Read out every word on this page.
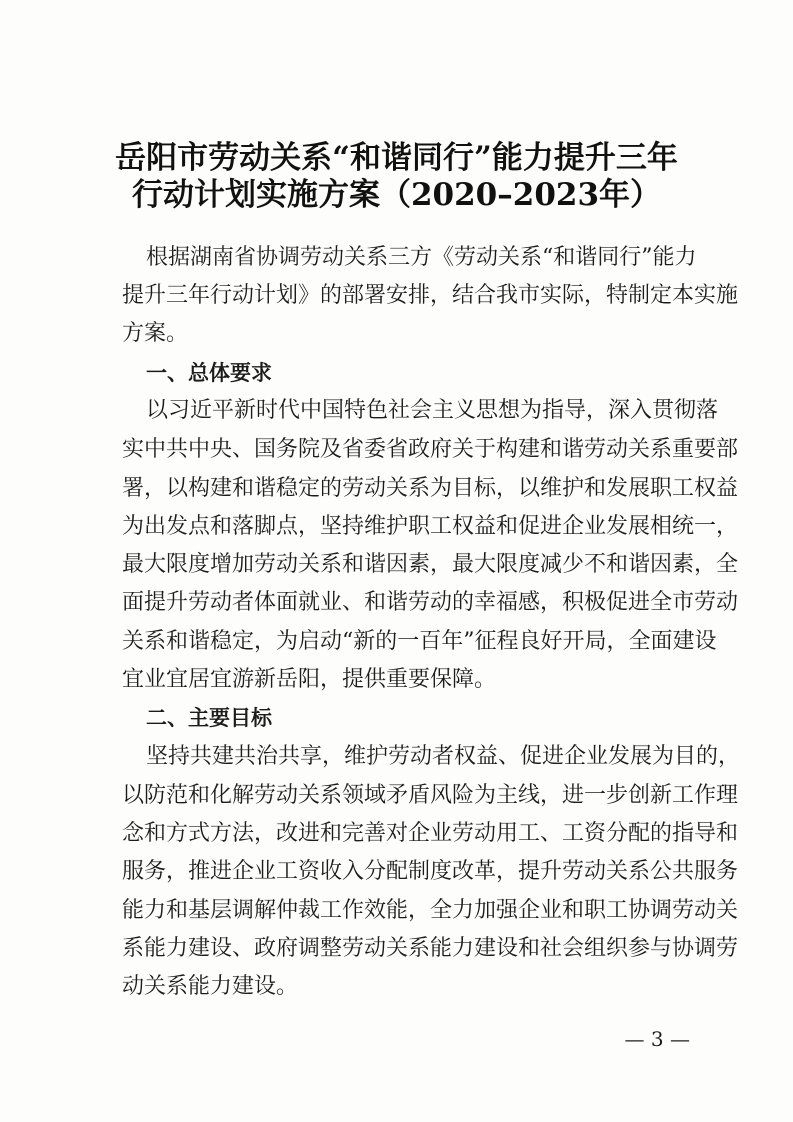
岳阳市劳动关系“和谐同行”能力提升三年
行动计划实施方案（2020–2023年）
根据湖南省协调劳动关系三方《劳动关系“和谐同行”能力
提升三年行动计划》的部署安排，结合我市实际，特制定本实施
方案。
一、总体要求
以习近平新时代中国特色社会主义思想为指导，深入贯彻落
实中共中央、国务院及省委省政府关于构建和谐劳动关系重要部
署，以构建和谐稳定的劳动关系为目标，以维护和发展职工权益
为出发点和落脚点，坚持维护职工权益和促进企业发展相统一，
最大限度增加劳动关系和谐因素，最大限度减少不和谐因素，全
面提升劳动者体面就业、和谐劳动的幸福感，积极促进全市劳动
关系和谐稳定，为启动“新的一百年”征程良好开局，全面建设
宜业宜居宜游新岳阳，提供重要保障。
二、主要目标
坚持共建共治共享，维护劳动者权益、促进企业发展为目的，
以防范和化解劳动关系领域矛盾风险为主线，进一步创新工作理
念和方式方法，改进和完善对企业劳动用工、工资分配的指导和
服务，推进企业工资收入分配制度改革，提升劳动关系公共服务
能力和基层调解仲裁工作效能，全力加强企业和职工协调劳动关
系能力建设、政府调整劳动关系能力建设和社会组织参与协调劳
动关系能力建设。
— 3 —
